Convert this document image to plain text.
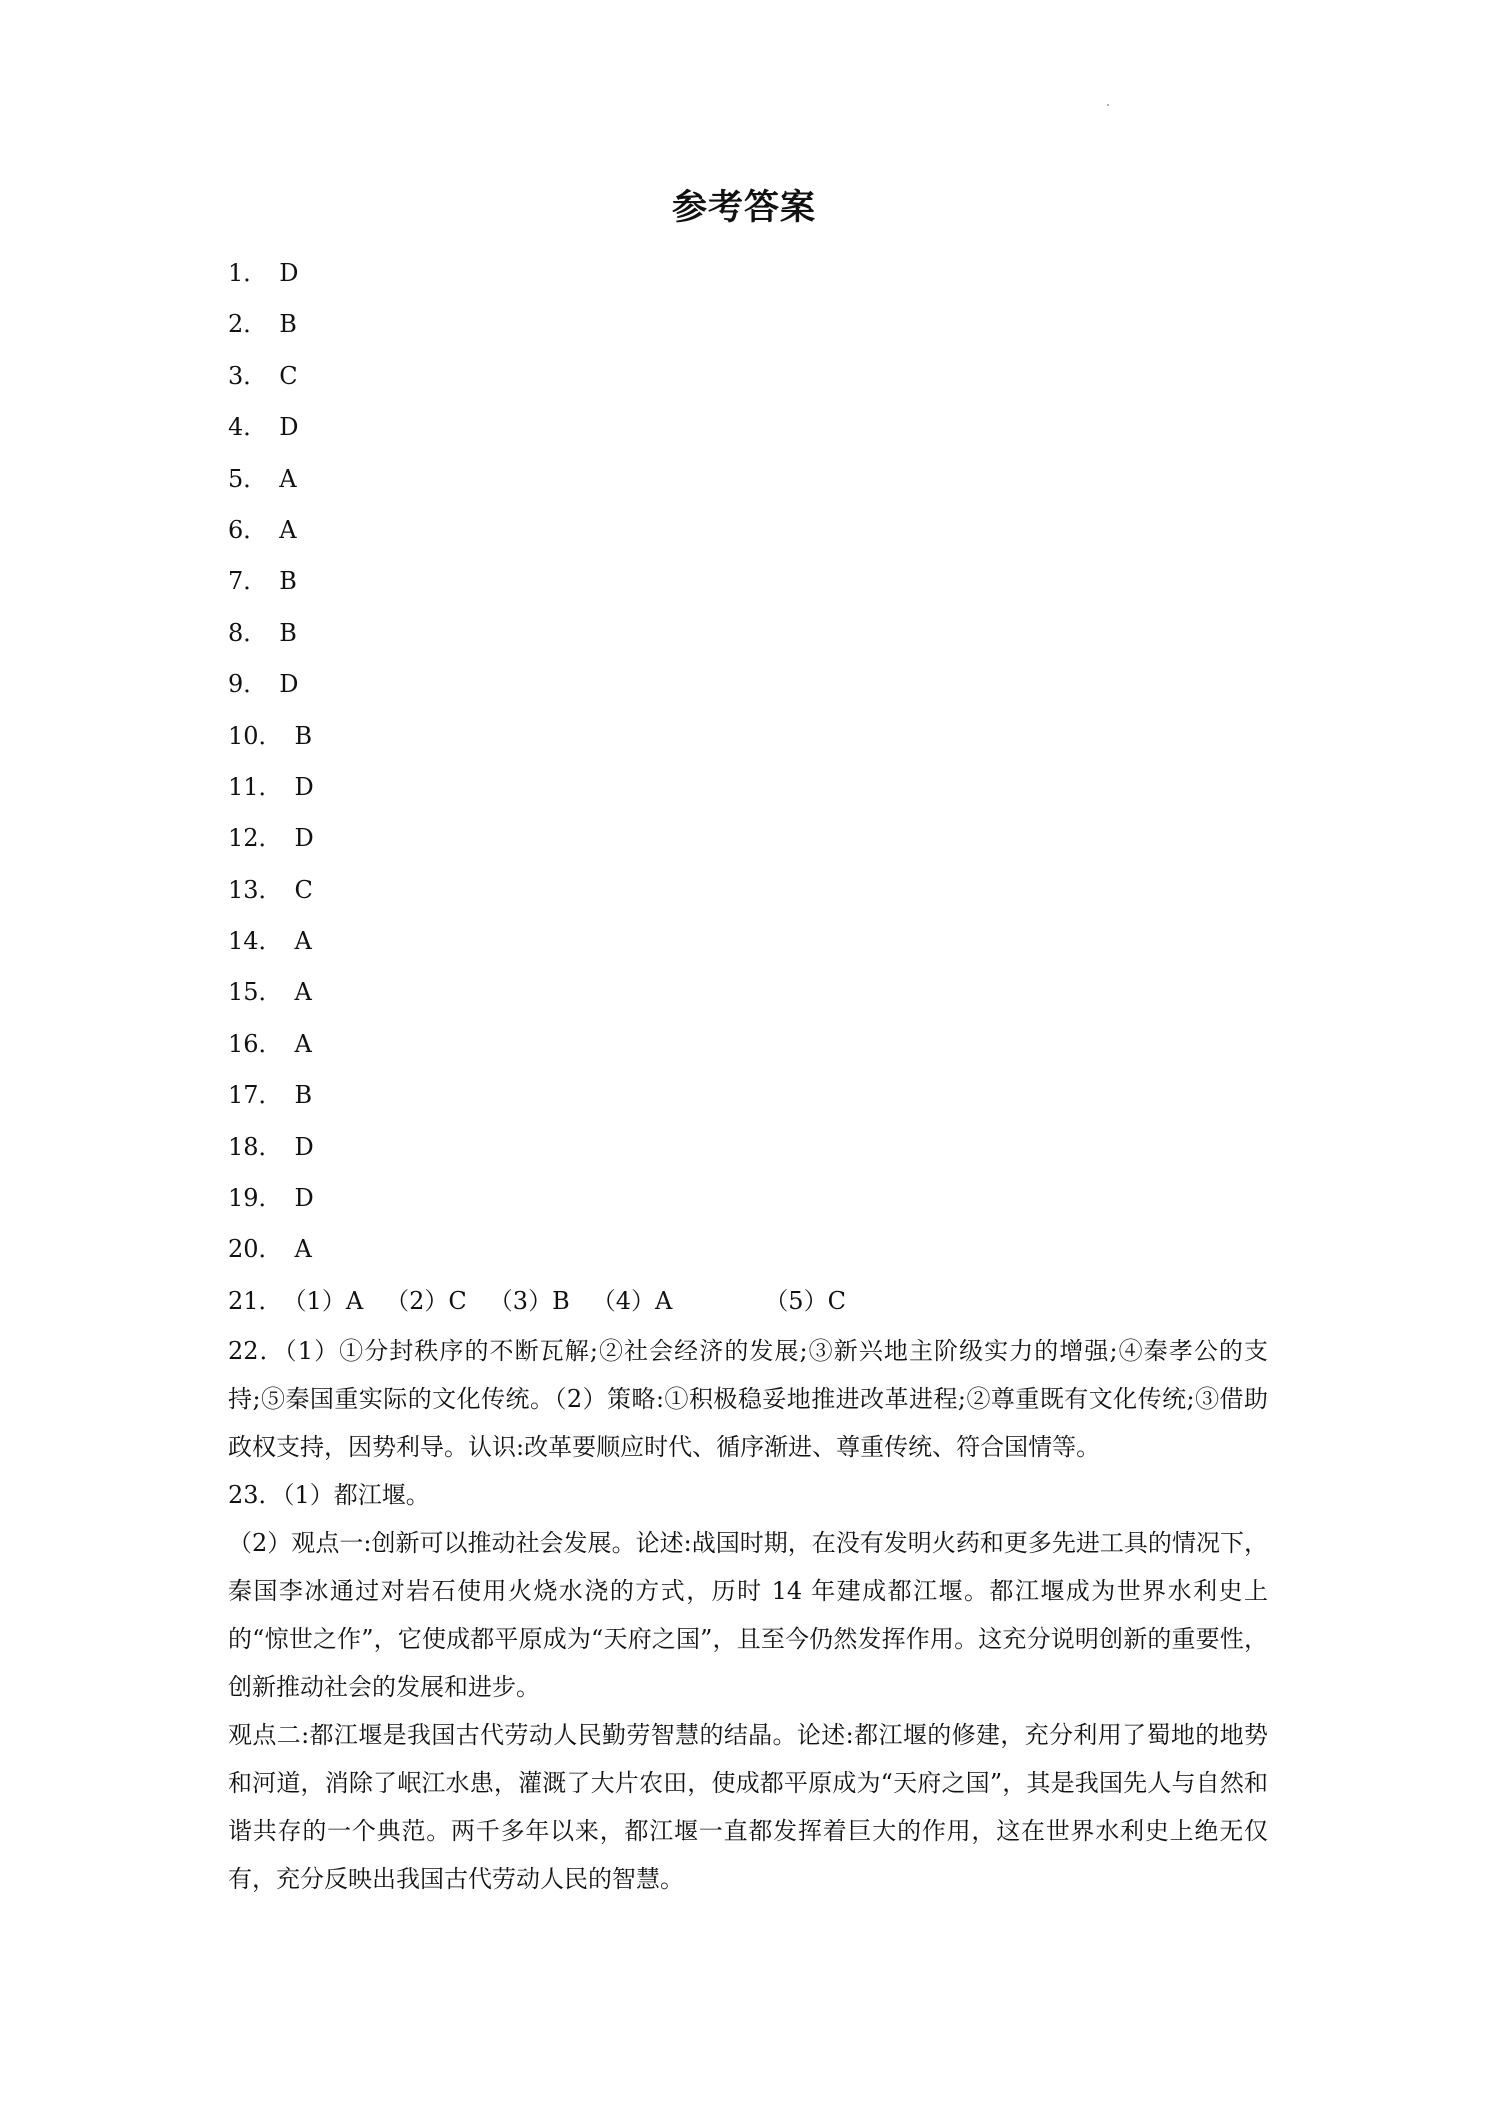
参考答案
1． D
2． B
3． C
4． D
5． A
6． A
7． B
8． B
9． D
10． B
11． D
12． D
13． C
14． A
15． A
16． A
17． B
18． D
19． D
20． A
21．（1）A （2）C （3）B （4）A	（5）C

22．（1）①分封秩序的不断瓦解;②社会经济的发展;③新兴地主阶级实力的增强;④秦孝公的支持;⑤秦国重实际的文化传统。（2）策略:①积极稳妥地推进改革进程;②尊重既有文化传统;③借助政权支持，因势利导。认识:改革要顺应时代、循序渐进、尊重传统、符合国情等。

23．（1）都江堰。

（2）观点一:创新可以推动社会发展。论述:战国时期，在没有发明火药和更多先进工具的情况下，秦国李冰通过对岩石使用火烧水浇的方式，历时 14 年建成都江堰。都江堰成为世界水利史上的“惊世之作”，它使成都平原成为“天府之国”，且至今仍然发挥作用。这充分说明创新的重要性，创新推动社会的发展和进步。

观点二:都江堰是我国古代劳动人民勤劳智慧的结晶。论述:都江堰的修建，充分利用了蜀地的地势和河道，消除了岷江水患，灌溉了大片农田，使成都平原成为“天府之国”，其是我国先人与自然和谐共存的一个典范。两千多年以来，都江堰一直都发挥着巨大的作用，这在世界水利史上绝无仅有，充分反映出我国古代劳动人民的智慧。
